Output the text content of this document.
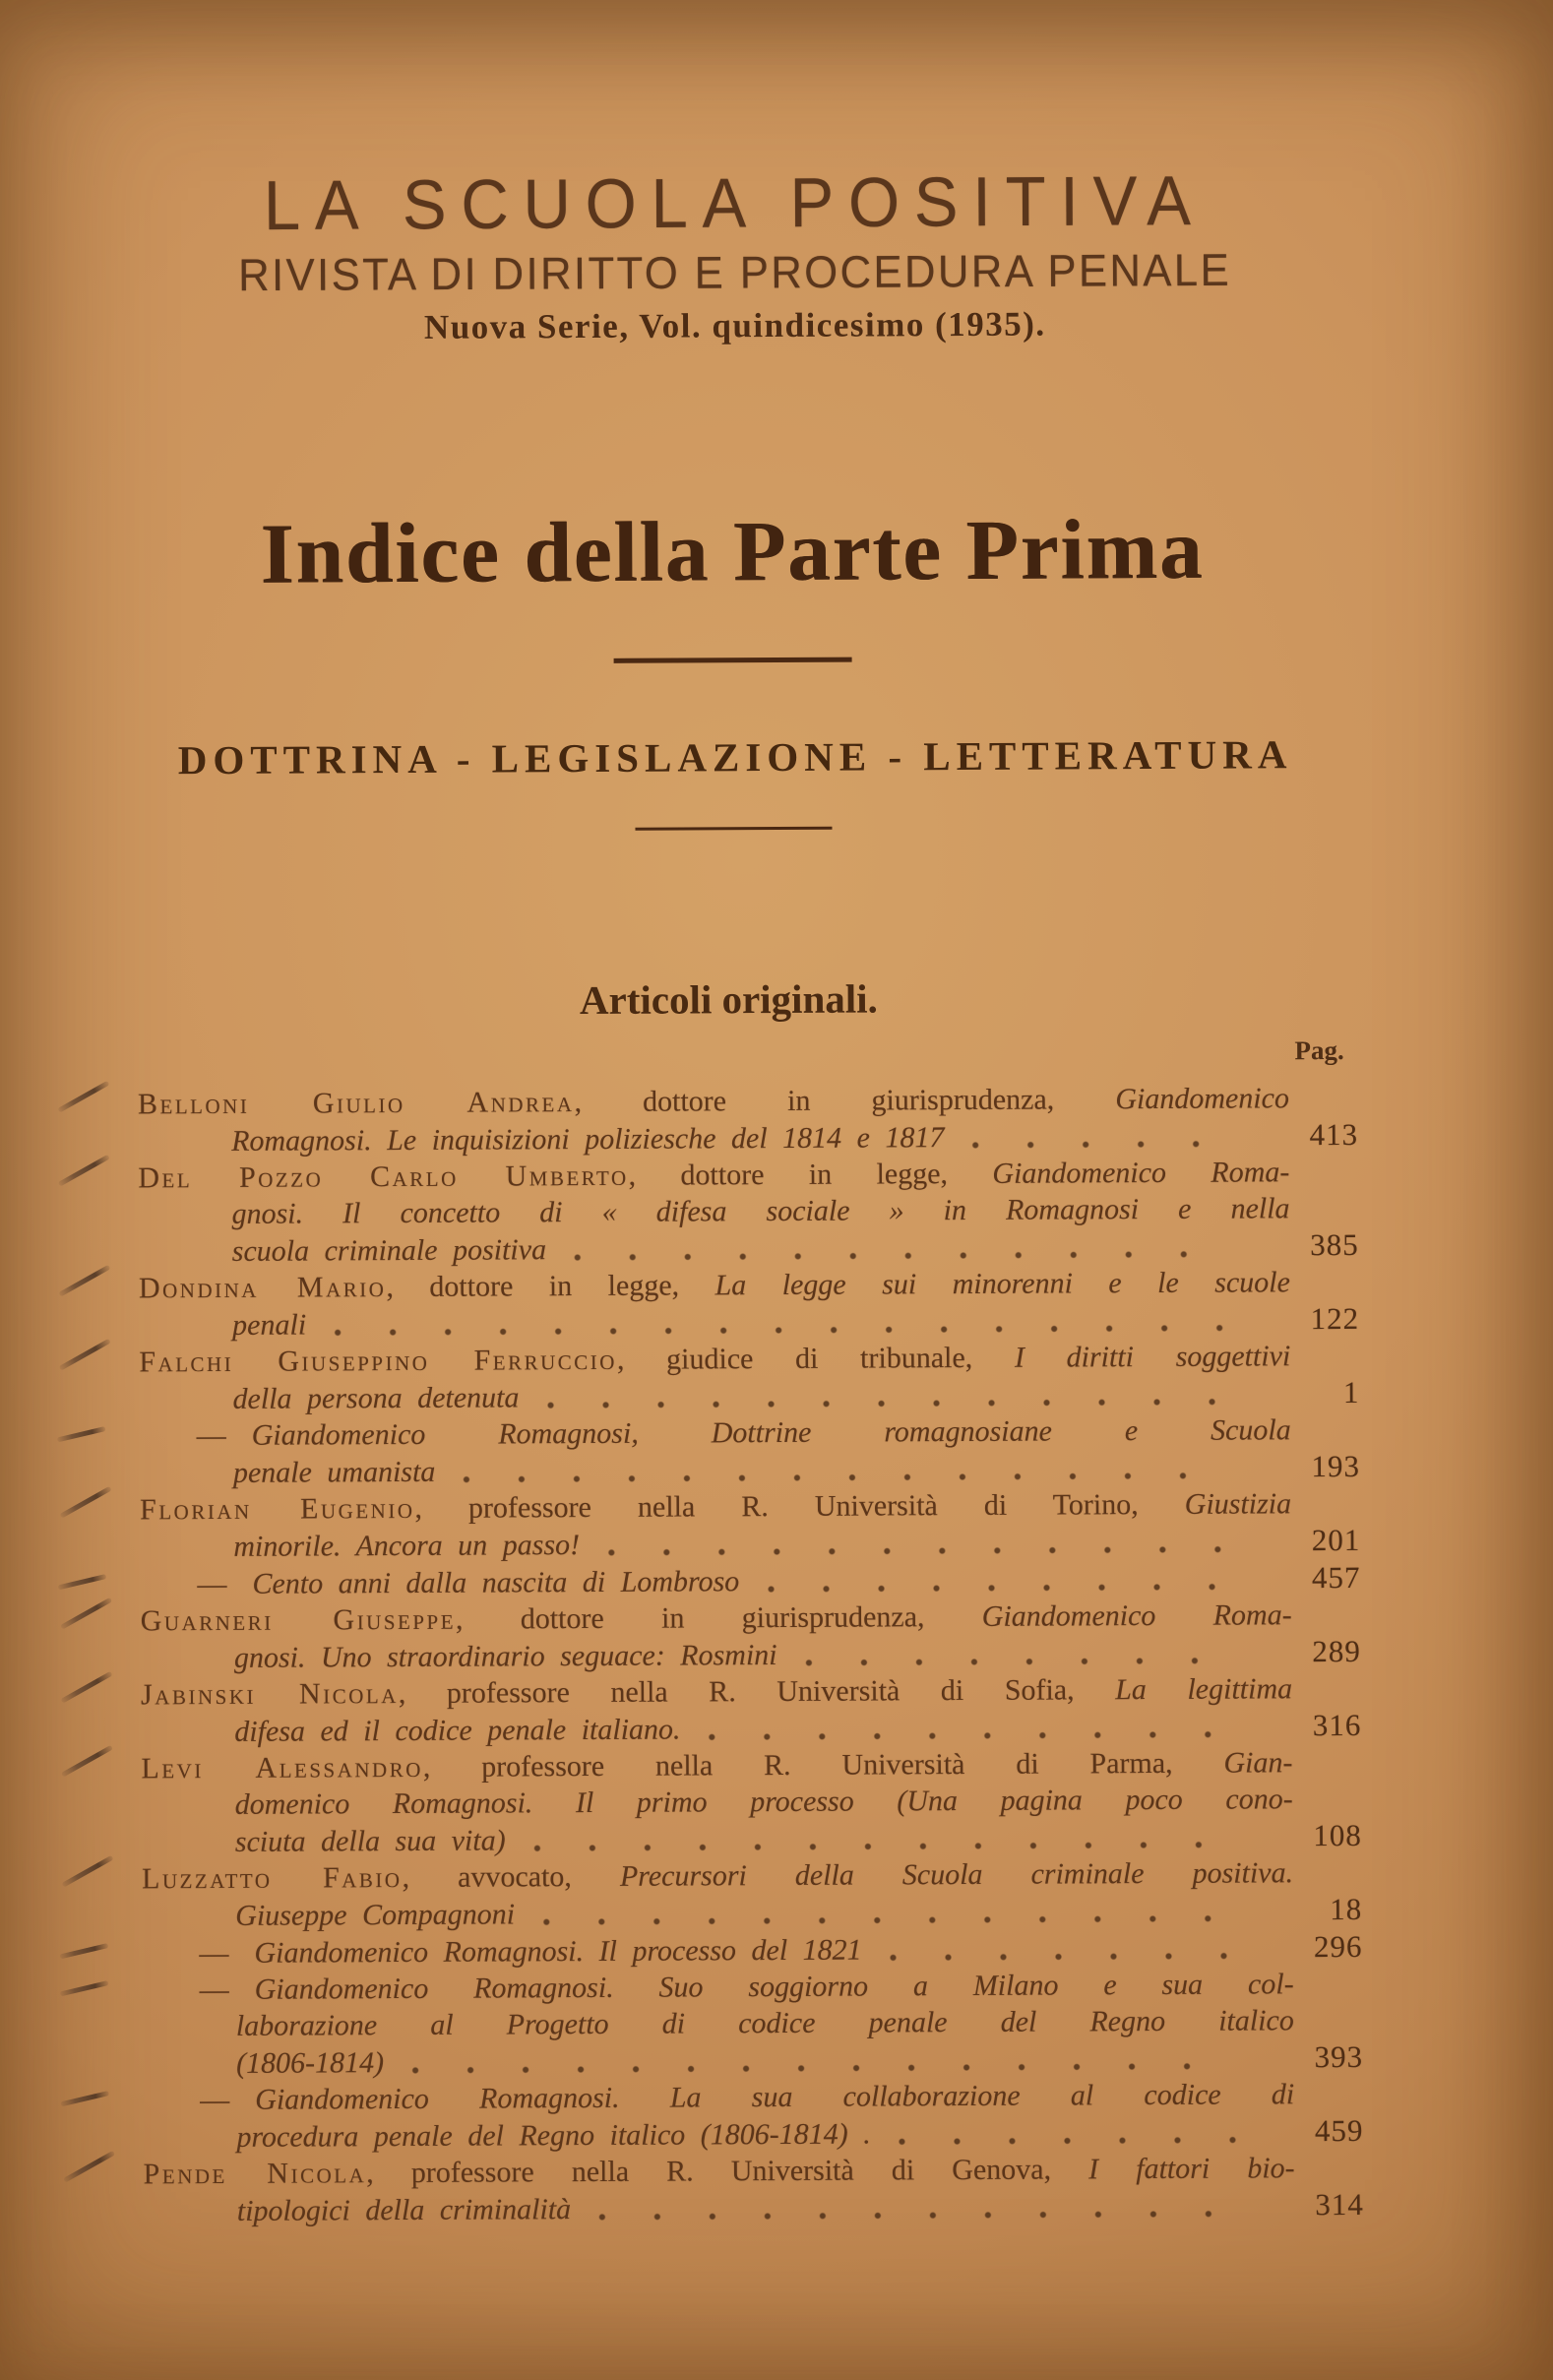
LA SCUOLA POSITIVA
RIVISTA DI DIRITTO E PROCEDURA PENALE
Nuova Serie, Vol. quindicesimo (1935).
Indice della Parte Prima
DOTTRINA - LEGISLAZIONE - LETTERATURA
Articoli originali.
Pag.
Belloni Giulio Andrea, dottore in giurisprudenza, Giandomenico
Romagnosi. Le inquisizioni poliziesche del 1814 e 1817	413
Del Pozzo Carlo Umberto, dottore in legge, Giandomenico Roma-
gnosi. Il concetto di « difesa sociale » in Romagnosi e nella
scuola criminale positiva	385
Dondina Mario, dottore in legge, La legge sui minorenni e le scuole
penali	122
Falchi Giuseppino Ferruccio, giudice di tribunale, I diritti soggettivi
della persona detenuta	1
— Giandomenico Romagnosi, Dottrine romagnosiane e Scuola
penale umanista	193
Florian Eugenio, professore nella R. Università di Torino, Giustizia
minorile. Ancora un passo!	201
— Cento anni dalla nascita di Lombroso	457
Guarneri Giuseppe, dottore in giurisprudenza, Giandomenico Roma-
gnosi. Uno straordinario seguace: Rosmini	289
Jabinski Nicola, professore nella R. Università di Sofia, La legittima
difesa ed il codice penale italiano.	316
Levi Alessandro, professore nella R. Università di Parma, Gian-
domenico Romagnosi. Il primo processo (Una pagina poco cono-
sciuta della sua vita)	108
Luzzatto Fabio, avvocato, Precursori della Scuola criminale positiva.
Giuseppe Compagnoni	18
— Giandomenico Romagnosi. Il processo del 1821	296
— Giandomenico Romagnosi. Suo soggiorno a Milano e sua col-
laborazione al Progetto di codice penale del Regno italico
(1806-1814)	393
— Giandomenico Romagnosi. La sua collaborazione al codice di
procedura penale del Regno italico (1806-1814) .	459
Pende Nicola, professore nella R. Università di Genova, I fattori bio-
tipologici della criminalità	314
